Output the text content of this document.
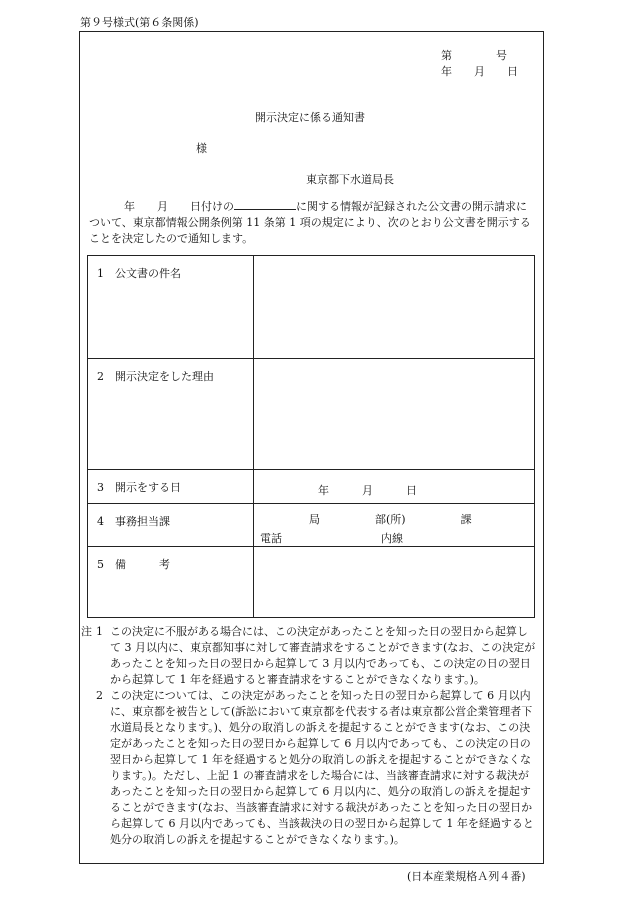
第９号様式(第６条関係)
第　　　　号
年　　月　　日
開示決定に係る通知書
様
東京都下水道局長
年　　月　　日付けの	に関する情報が記録された公文書の開示請求について、東京都情報公開条例第 11 条第 1 項の規定により、次のとおり公文書を開示することを決定したので通知します。
1　公文書の件名	

2　開示決定をした理由	

3　開示をする日	年　　　月　　　日

4　事務担当課	局　　　　　部(所)　　　　　課
電話　　　　　　　　　内線

5　備　　　考	

注 1 この決定に不服がある場合には、この決定があったことを知った日の翌日から起算して 3 月以内に、東京都知事に対して審査請求をすることができます(なお、この決定があったことを知った日の翌日から起算して 3 月以内であっても、この決定の日の翌日から起算して 1 年を経過すると審査請求をすることができなくなります。)。
2 この決定については、この決定があったことを知った日の翌日から起算して 6 月以内に、東京都を被告として(訴訟において東京都を代表する者は東京都公営企業管理者下水道局長となります。)、処分の取消しの訴えを提起することができます(なお、この決定があったことを知った日の翌日から起算して 6 月以内であっても、この決定の日の翌日から起算して 1 年を経過すると処分の取消しの訴えを提起することができなくなります。)。ただし、上記 1 の審査請求をした場合には、当該審査請求に対する裁決があったことを知った日の翌日から起算して 6 月以内に、処分の取消しの訴えを提起することができます(なお、当該審査請求に対する裁決があったことを知った日の翌日から起算して 6 月以内であっても、当該裁決の日の翌日から起算して 1 年を経過すると処分の取消しの訴えを提起することができなくなります。)。
(日本産業規格Ａ列４番)
